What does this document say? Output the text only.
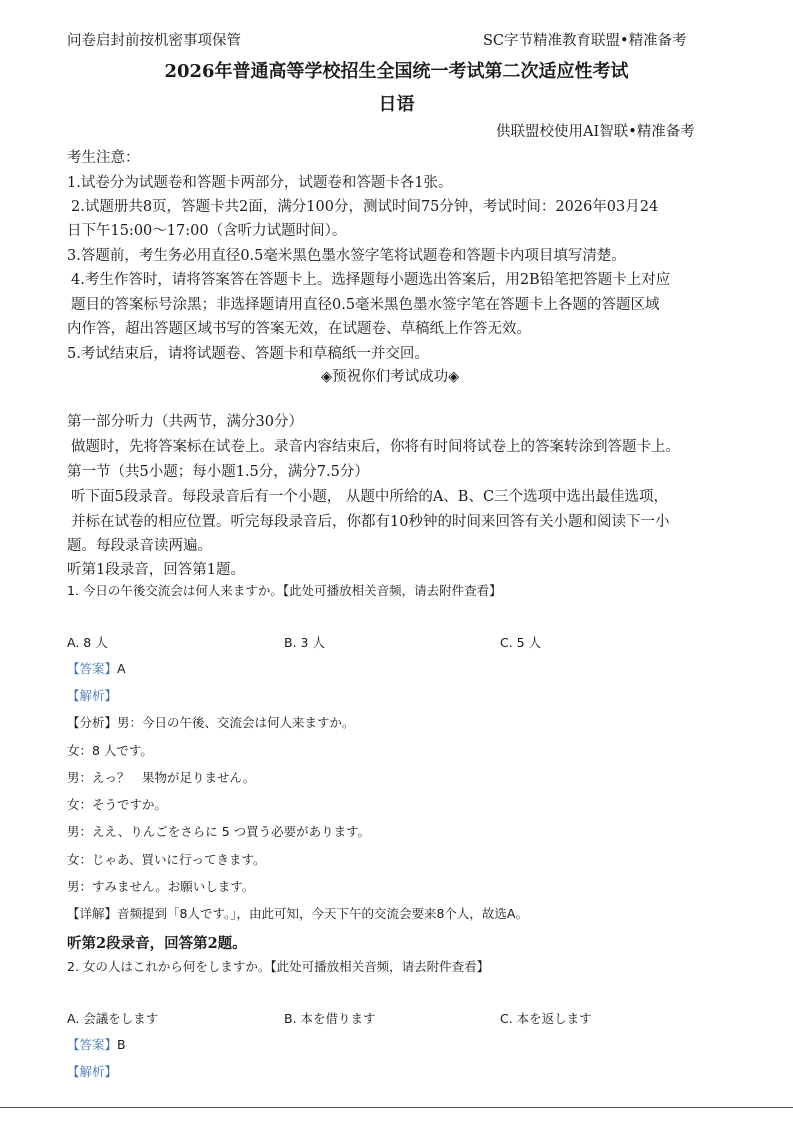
问卷启封前按机密事项保管	SC字节精准教育联盟•精准备考
2026年普通高等学校招生全国统一考试第二次适应性考试
日语
供联盟校使用AI智联•精准备考
考生注意：
1.试卷分为试题卷和答题卡两部分，试题卷和答题卡各1张。
2.试题册共8页，答题卡共2面，满分100分，测试时间75分钟，考试时间：2026年03月24
日下午15:00～17:00（含听力试题时间）。
3.答题前，考生务必用直径0.5毫米黑色墨水签字笔将试题卷和答题卡内项目填写清楚。
4.考生作答时，请将答案答在答题卡上。选择题每小题选出答案后，用2B铅笔把答题卡上对应
题目的答案标号涂黑；非选择题请用直径0.5毫米黑色墨水签字笔在答题卡上各题的答题区域
内作答，超出答题区域书写的答案无效，在试题卷、草稿纸上作答无效。
5.考试结束后，请将试题卷、答题卡和草稿纸一并交回。
◈预祝你们考试成功◈
第一部分听力（共两节，满分30分）
做题时，先将答案标在试卷上。录音内容结束后，你将有时间将试卷上的答案转涂到答题卡上。
第一节（共5小题；每小题1.5分，满分7.5分）
听下面5段录音。每段录音后有一个小题， 从题中所给的A、B、C三个选项中选出最佳选项，
并标在试卷的相应位置。听完每段录音后，你都有10秒钟的时间来回答有关小题和阅读下一小
题。每段录音读两遍。
听第1段录音，回答第1题。
1. 今日の午後交流会は何人来ますか。【此处可播放相关音频，请去附件查看】
A. 8 人	B. 3 人	C. 5 人
【答案】A
【解析】
【分析】男：今日の午後、交流会は何人来ますか。
女：8 人です。
男：えっ？　果物が足りません。
女：そうですか。
男：ええ、りんごをさらに 5 つ買う必要があります。
女：じゃあ、買いに行ってきます。
男：すみません。お願いします。
【详解】音频提到「8人です。」，由此可知，今天下午的交流会要来8个人，故选A。
听第2段录音，回答第2题。
2. 女の人はこれから何をしますか。【此处可播放相关音频，请去附件查看】
A. 会議をします	B. 本を借ります	C. 本を返します
【答案】B
【解析】
